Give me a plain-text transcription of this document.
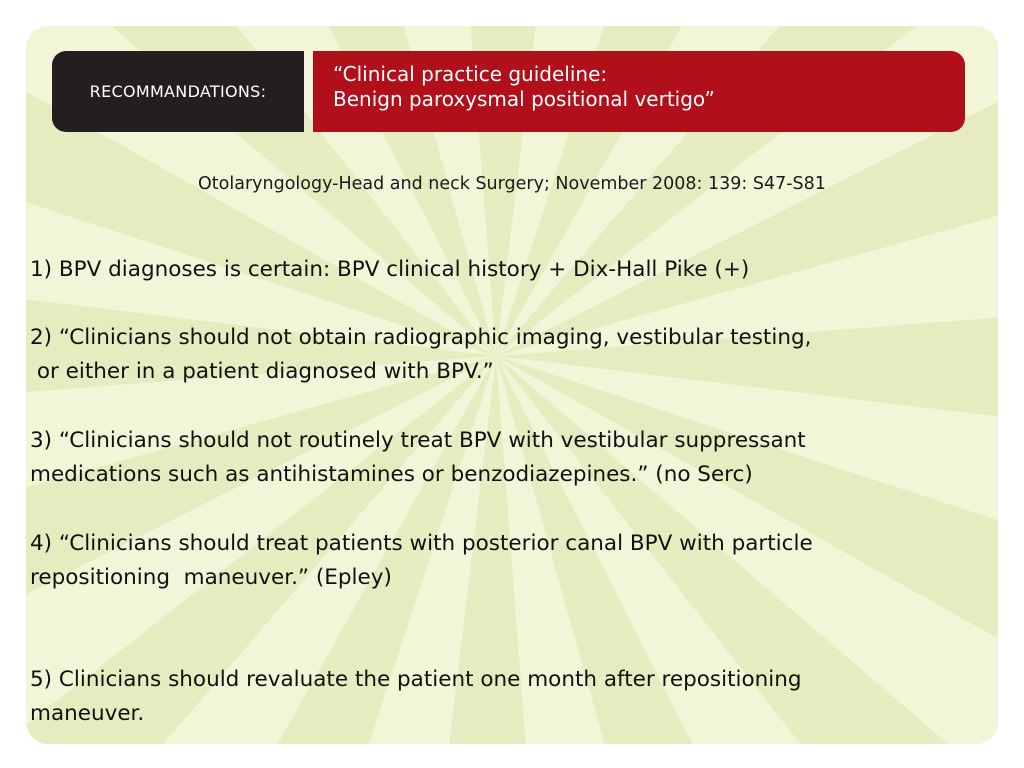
RECOMMANDATIONS:
“Clinical practice guideline:
Benign paroxysmal positional vertigo”
Otolaryngology-Head and neck Surgery; November 2008: 139: S47-S81
1) BPV diagnoses is certain: BPV clinical history + Dix-Hall Pike (+)
2) “Clinicians should not obtain radiographic imaging, vestibular testing,
or either in a patient diagnosed with BPV.”
3) “Clinicians should not routinely treat BPV with vestibular suppressant
medications such as antihistamines or benzodiazepines.” (no Serc)
4) “Clinicians should treat patients with posterior canal BPV with particle
repositioning  maneuver.” (Epley)
5) Clinicians should revaluate the patient one month after repositioning
maneuver.
